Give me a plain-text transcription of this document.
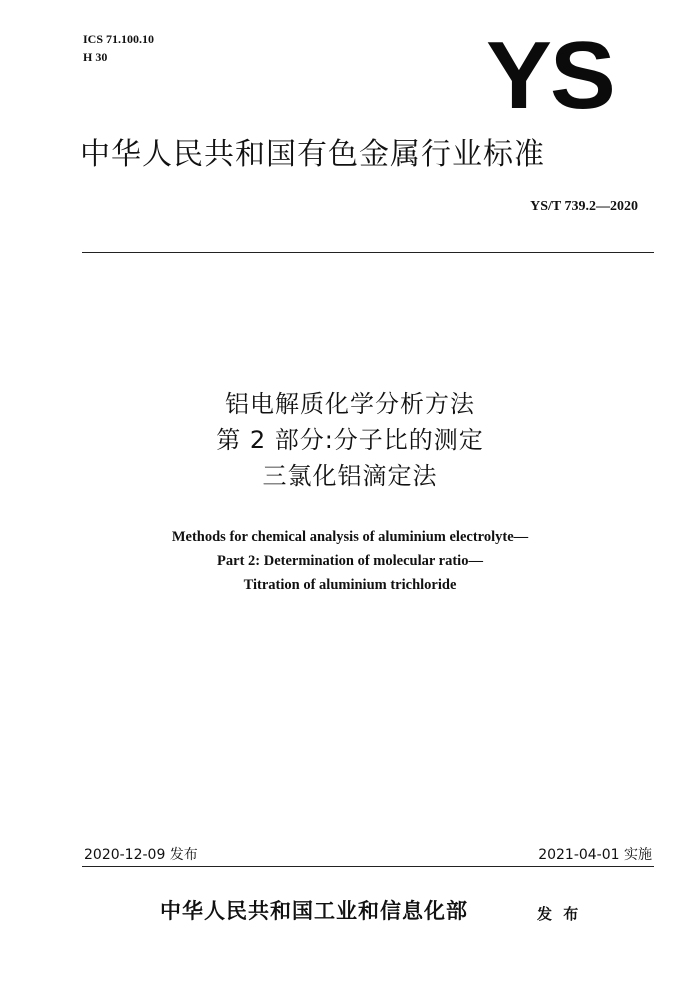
ICS 71.100.10
H 30	YS
中华人民共和国有色金属行业标准
YS/T 739.2—2020
铝电解质化学分析方法
第 2 部分:分子比的测定
三氯化铝滴定法
Methods for chemical analysis of aluminium electrolyte—
Part 2: Determination of molecular ratio—
Titration of aluminium trichloride
2020-12-09 发布	2021-04-01 实施
中华人民共和国工业和信息化部	发 布
